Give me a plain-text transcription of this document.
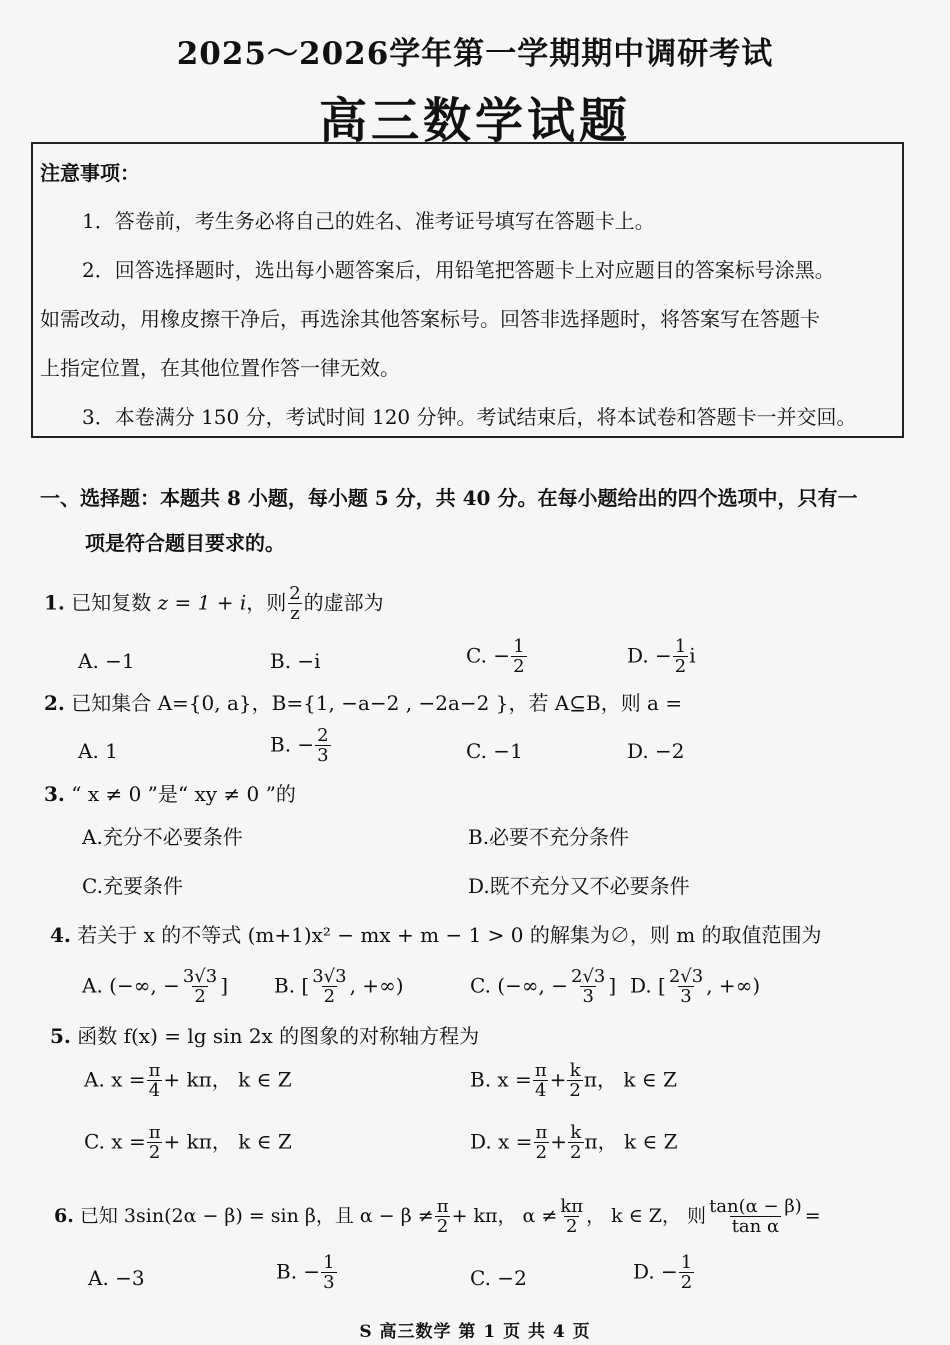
2025～2026学年第一学期期中调研考试
高三数学试题
注意事项：
1．答卷前，考生务必将自己的姓名、准考证号填写在答题卡上。
2．回答选择题时，选出每小题答案后，用铅笔把答题卡上对应题目的答案标号涂黑。
如需改动，用橡皮擦干净后，再选涂其他答案标号。回答非选择题时，将答案写在答题卡
上指定位置，在其他位置作答一律无效。
3．本卷满分 150 分，考试时间 120 分钟。考试结束后，将本试卷和答题卡一并交回。
一、选择题：本题共 8 小题，每小题 5 分，共 40 分。在每小题给出的四个选项中，只有一
项是符合题目要求的。
1. 已知复数 z = 1 + i，则 $\frac{2}{z}$ 的虚部为
A. −1	B. −i	C. − $\frac{1}{2}$	D. − $\frac{1}{2}$ i
2. 已知集合 A={0, a}，B={1, −a−2 , −2a−2 }，若 A⊆B，则 a =
A. 1	B. − $\frac{2}{3}$	C. −1	D. −2
3. “ x ≠ 0 ”是“ xy ≠ 0 ”的
A.充分不必要条件	B.必要不充分条件
C.充要条件	D.既不充分又不必要条件
4. 若关于 x 的不等式 (m+1)x² − mx + m − 1 > 0 的解集为∅，则 m 的取值范围为
A. (−∞, − $\frac{3√3}{2}$ ] B. [ $\frac{3√3}{2}$ , +∞)	C. (−∞, − $\frac{2√3}{3}$ ] D. [ $\frac{2√3}{3}$ , +∞)
5. 函数 f(x) = lg sin 2x 的图象的对称轴方程为
A. $x = \frac{\pi}{4} + k\pi$， k ∈ Z	B. $x = \frac{\pi}{4} + \frac{k}{2}$ π， k ∈ Z
C. $x = \frac{\pi}{2} + k\pi$， k ∈ Z	D. $x = \frac{\pi}{2} + \frac{k}{2}$ π， k ∈ Z
6. 已知 3sin(2α − β) = sin β，且 $\alpha - \beta \ne \frac{\pi}{2} + k\pi$， $\alpha \ne \frac{k\pi}{2}$ ， k ∈ Z， 则 $\frac{\tan(\alpha - \beta)}{\text{tan α}}$ =
A. −3	B. − $\frac{1}{3}$	C. −2	D. − $\frac{1}{2}$
S 高三数学 第 1 页 共 4 页
